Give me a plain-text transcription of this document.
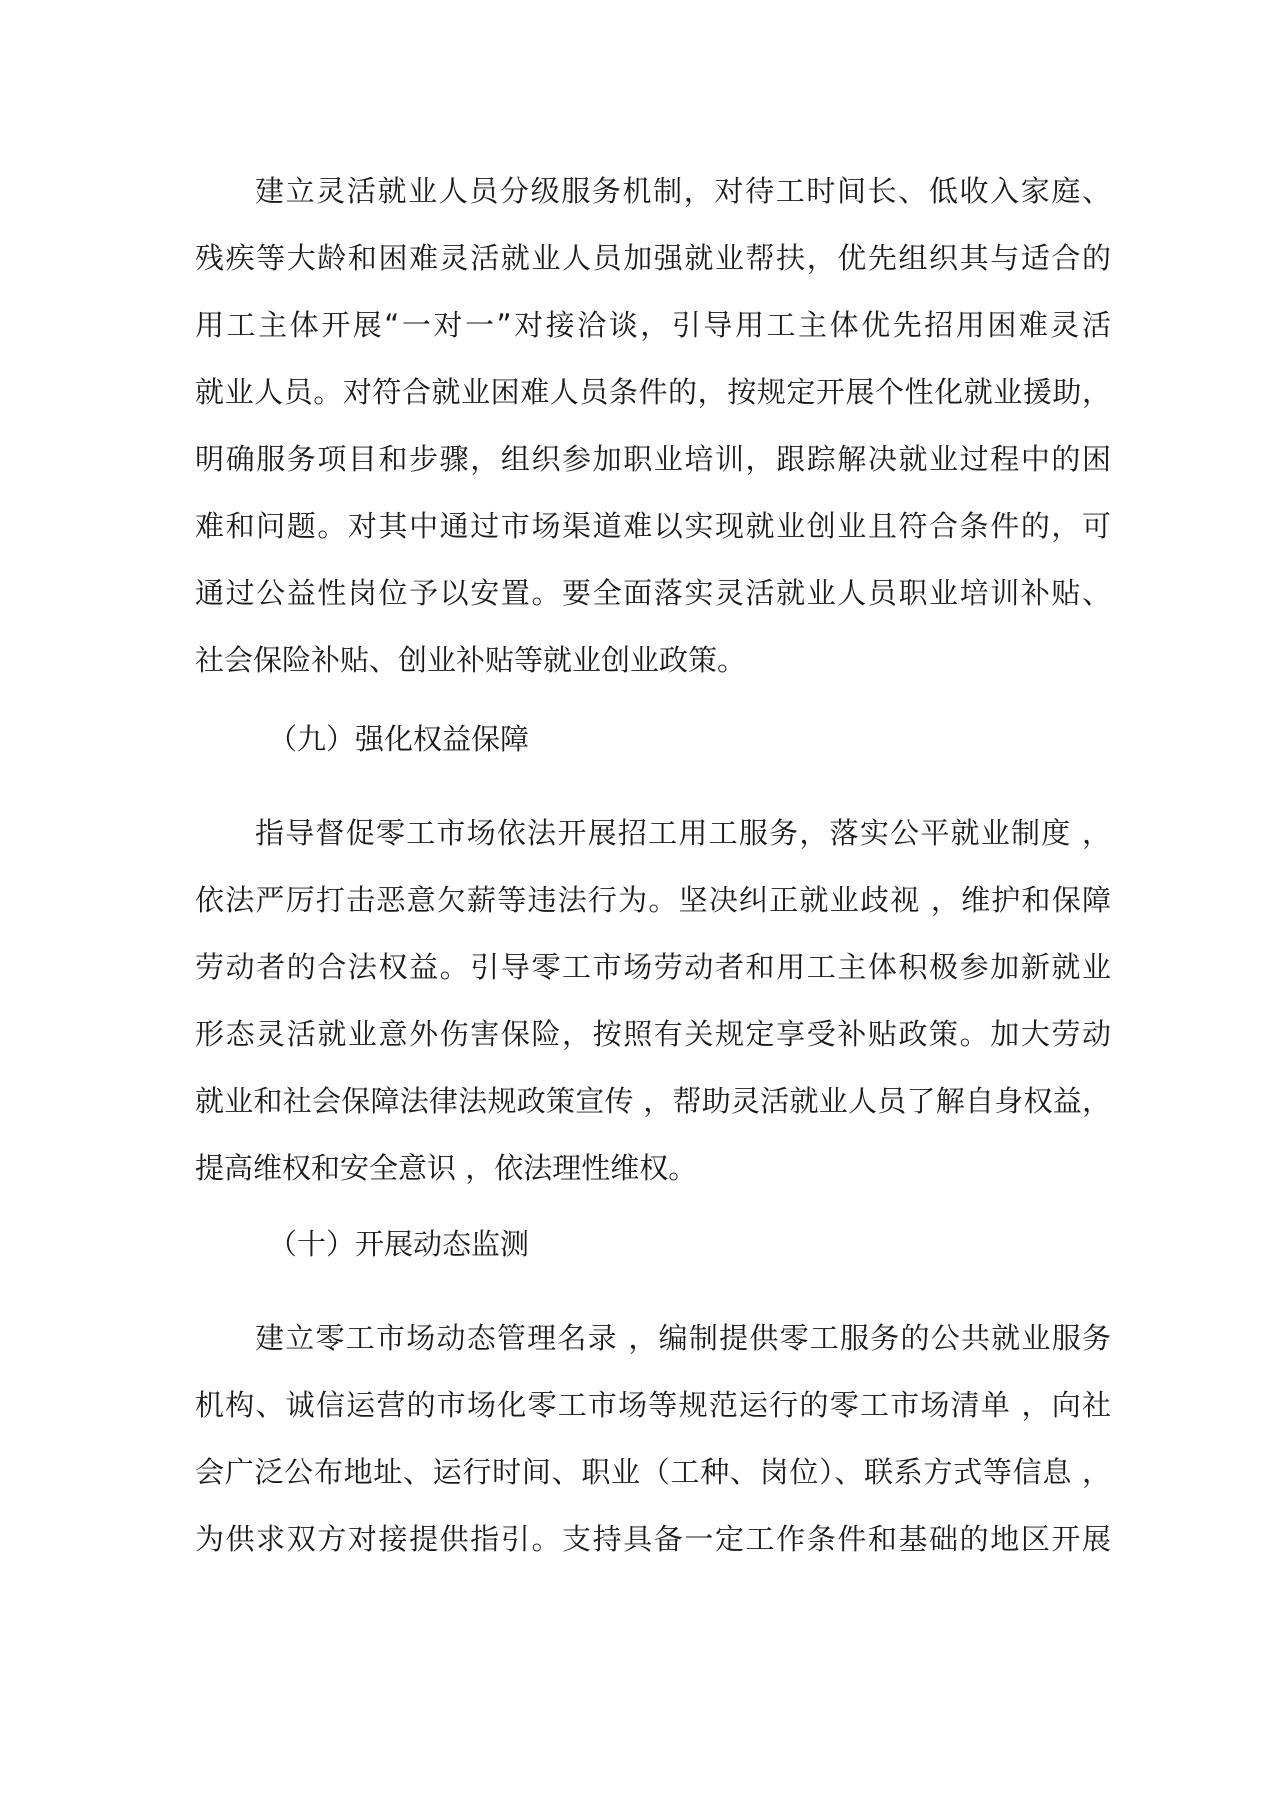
建立灵活就业人员分级服务机制，对待工时间长、低收入家庭、
残疾等大龄和困难灵活就业人员加强就业帮扶，优先组织其与适合的
用工主体开展“一对一”对接洽谈，引导用工主体优先招用困难灵活
就业人员。对符合就业困难人员条件的，按规定开展个性化就业援助，
明确服务项目和步骤，组织参加职业培训，跟踪解决就业过程中的困
难和问题。对其中通过市场渠道难以实现就业创业且符合条件的，可
通过公益性岗位予以安置。要全面落实灵活就业人员职业培训补贴、
社会保险补贴、创业补贴等就业创业政策。
（九）强化权益保障
指导督促零工市场依法开展招工用工服务，落实公平就业制度 ，
依法严厉打击恶意欠薪等违法行为。坚决纠正就业歧视 ，维护和保障
劳动者的合法权益。引导零工市场劳动者和用工主体积极参加新就业
形态灵活就业意外伤害保险，按照有关规定享受补贴政策。加大劳动
就业和社会保障法律法规政策宣传 ，帮助灵活就业人员了解自身权益，
提高维权和安全意识 ，依法理性维权。
（十）开展动态监测
建立零工市场动态管理名录 ，编制提供零工服务的公共就业服务
机构、诚信运营的市场化零工市场等规范运行的零工市场清单 ，向社
会广泛公布地址、运行时间、职业（工种、岗位）、联系方式等信息 ，
为供求双方对接提供指引。支持具备一定工作条件和基础的地区开展
